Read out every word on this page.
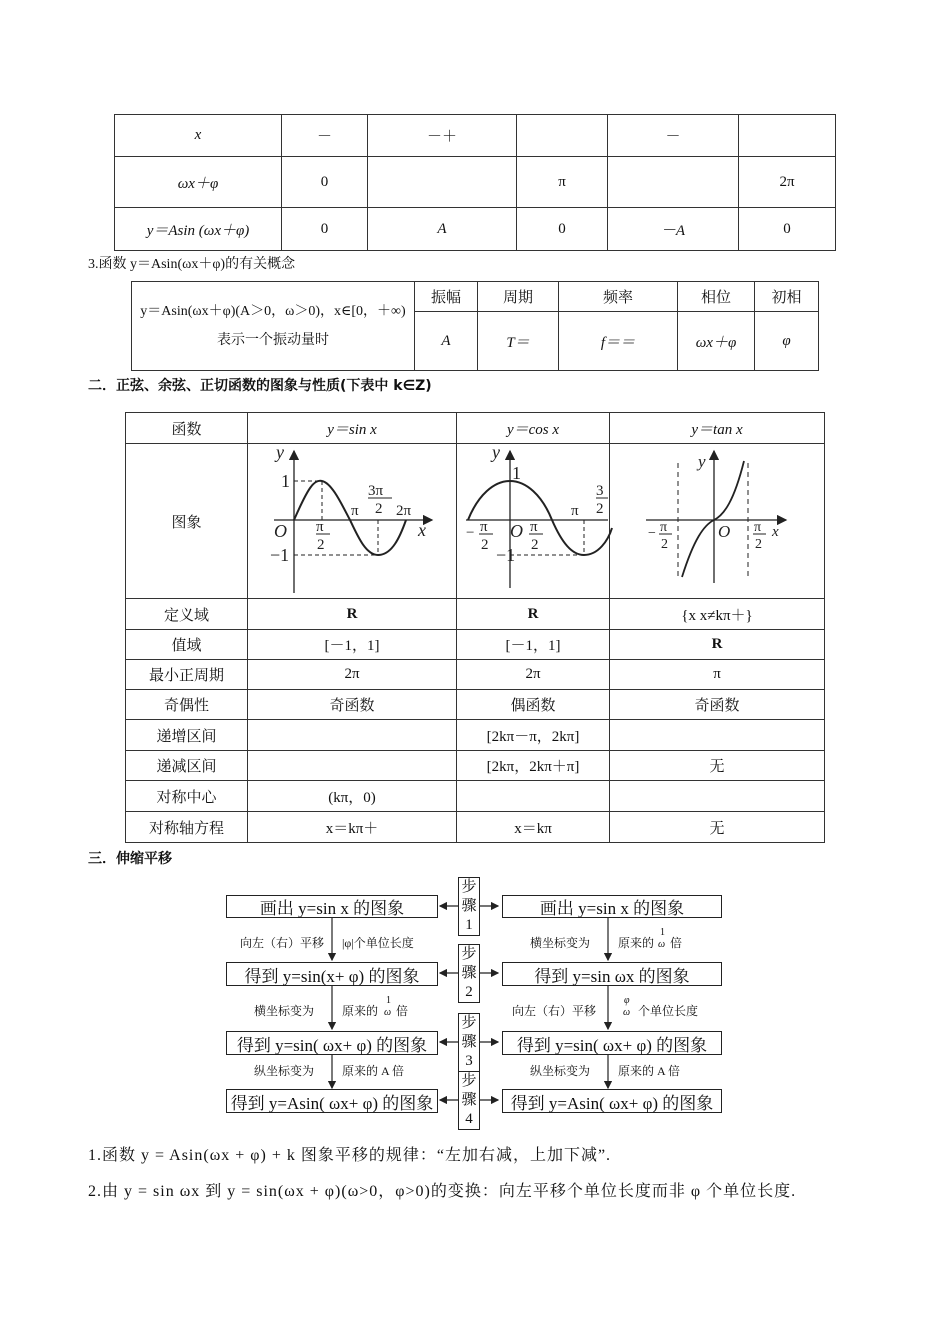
x	－	－＋		－	
ωx＋φ	0		π		2π
y＝Asin (ωx＋φ)	0	A	0	－A	0
3.函数 y＝Asin(ωx＋φ)的有关概念
y＝Asin(ωx＋φ)(A＞0，ω＞0)，x∈[0，＋∞)表示一个振动量时	振幅	周期	频率	相位	初相
	A	T＝	f＝＝	ωx＋φ	φ
二．正弦、余弦、正切函数的图象与性质(下表中 k∈Z)
函数	y＝sin x	y＝cos x	y＝tan x
图象			
定义域	R	R	{x x≠kπ＋}
值域	[－1，1]	[－1，1]	R
最小正周期	2π	2π	π
奇偶性	奇函数	偶函数	奇函数
递增区间		[2kπ－π，2kπ]	
递减区间		[2kπ，2kπ＋π]	无
对称中心	(kπ，0)		
对称轴方程	x＝kπ＋	x＝kπ	无
y
x
O
1
−1
π
2
π
3π
2 2π
y
1
O
−1
− π
2
π
2
π
3
2
y
x
O
− π
2
π
2
三．伸缩平移
画出 y=sin x 的图象
得到 y=sin(x+ φ) 的图象
得到 y=sin( ωx+ φ) 的图象
得到 y=Asin( ωx+ φ) 的图象
画出 y=sin x 的图象
得到 y=sin ωx 的图象
得到 y=sin( ωx+ φ) 的图象
得到 y=Asin( ωx+ φ) 的图象
步骤1
步骤2
步骤3
步骤4
向左（右）平移 |φ|个单位长度
横坐标变为 原来的
1
ω 倍
纵坐标变为 原来的 A 倍
横坐标变为 原来的
1
ω 倍
向左（右）平移
φ
ω 个单位长度
纵坐标变为 原来的 A 倍
1.函数 y = Asin(ωx + φ) + k 图象平移的规律：“左加右减，上加下减”.
2.由 y = sin ωx 到 y = sin(ωx + φ)(ω>0，φ>0)的变换：向左平移个单位长度而非 φ 个单位长度.
